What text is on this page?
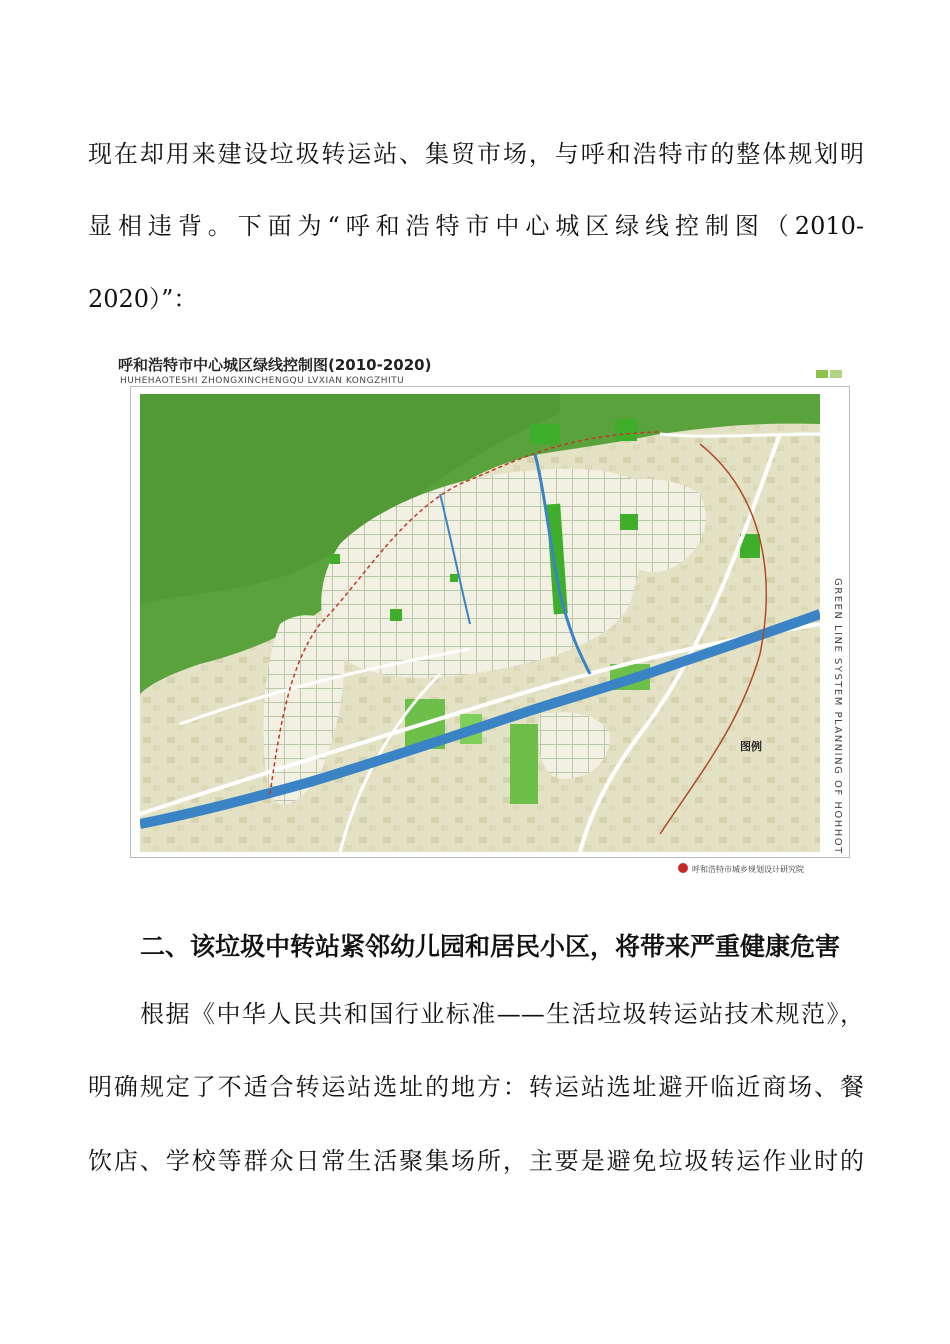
现在却用来建设垃圾转运站、集贸市场，与呼和浩特市的整体规划明
显相违背。下面为“呼和浩特市中心城区绿线控制图（2010-
2020）”：
呼和浩特市中心城区绿线控制图(2010-2020)
HUHEHAOTESHI ZHONGXINCHENGQU LVXIAN KONGZHITU
图例	GREEN LINE SYSTEM PLANNING OF HOHHOT
呼和浩特市城乡规划设计研究院
二、该垃圾中转站紧邻幼儿园和居民小区，将带来严重健康危害
根据《中华人民共和国行业标准——生活垃圾转运站技术规范》，
明确规定了不适合转运站选址的地方：转运站选址避开临近商场、餐
饮店、学校等群众日常生活聚集场所，主要是避免垃圾转运作业时的
